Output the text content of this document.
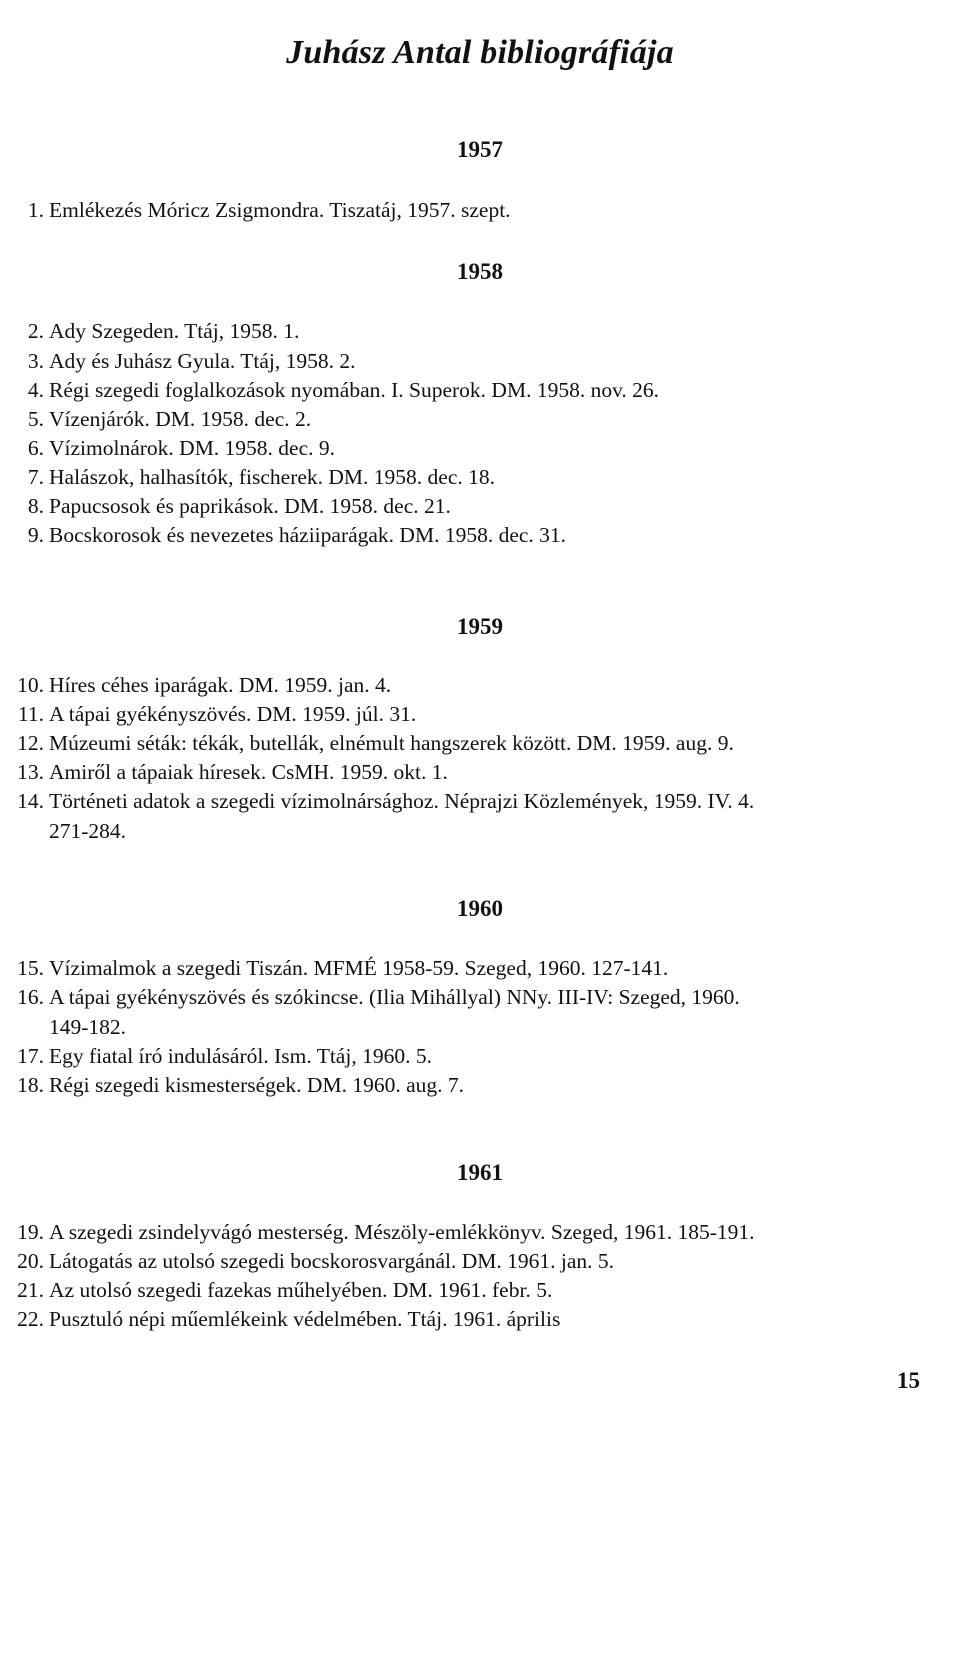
Juhász Antal bibliográfiája
1957
1. Emlékezés Móricz Zsigmondra. Tiszatáj, 1957. szept.
1958
2. Ady Szegeden. Ttáj, 1958. 1.
3. Ady és Juhász Gyula. Ttáj, 1958. 2.
4. Régi szegedi foglalkozások nyomában. I. Superok. DM. 1958. nov. 26.
5. Vízenjárók. DM. 1958. dec. 2.
6. Vízimolnárok. DM. 1958. dec. 9.
7. Halászok, halhasítók, fischerek. DM. 1958. dec. 18.
8. Papucsosok és paprikások. DM. 1958. dec. 21.
9. Bocskorosok és nevezetes háziiparágak. DM. 1958. dec. 31.
1959
10. Híres céhes iparágak. DM. 1959. jan. 4.
11. A tápai gyékényszövés. DM. 1959. júl. 31.
12. Múzeumi séták: tékák, butellák, elnémult hangszerek között. DM. 1959. aug. 9.
13. Amiről a tápaiak híresek. CsMH. 1959. okt. 1.
14. Történeti adatok a szegedi vízimolnársághoz. Néprajzi Közlemények, 1959. IV. 4.
271-284.
1960
15. Vízimalmok a szegedi Tiszán. MFMÉ 1958-59. Szeged, 1960. 127-141.
16. A tápai gyékényszövés és szókincse. (Ilia Mihállyal) NNy. III-IV: Szeged, 1960.
149-182.
17. Egy fiatal író indulásáról. Ism. Ttáj, 1960. 5.
18. Régi szegedi kismesterségek. DM. 1960. aug. 7.
1961
19. A szegedi zsindelyvágó mesterség. Mészöly-emlékkönyv. Szeged, 1961. 185-191.
20. Látogatás az utolsó szegedi bocskorosvargánál. DM. 1961. jan. 5.
21. Az utolsó szegedi fazekas műhelyében. DM. 1961. febr. 5.
22. Pusztuló népi műemlékeink védelmében. Ttáj. 1961. április
15
